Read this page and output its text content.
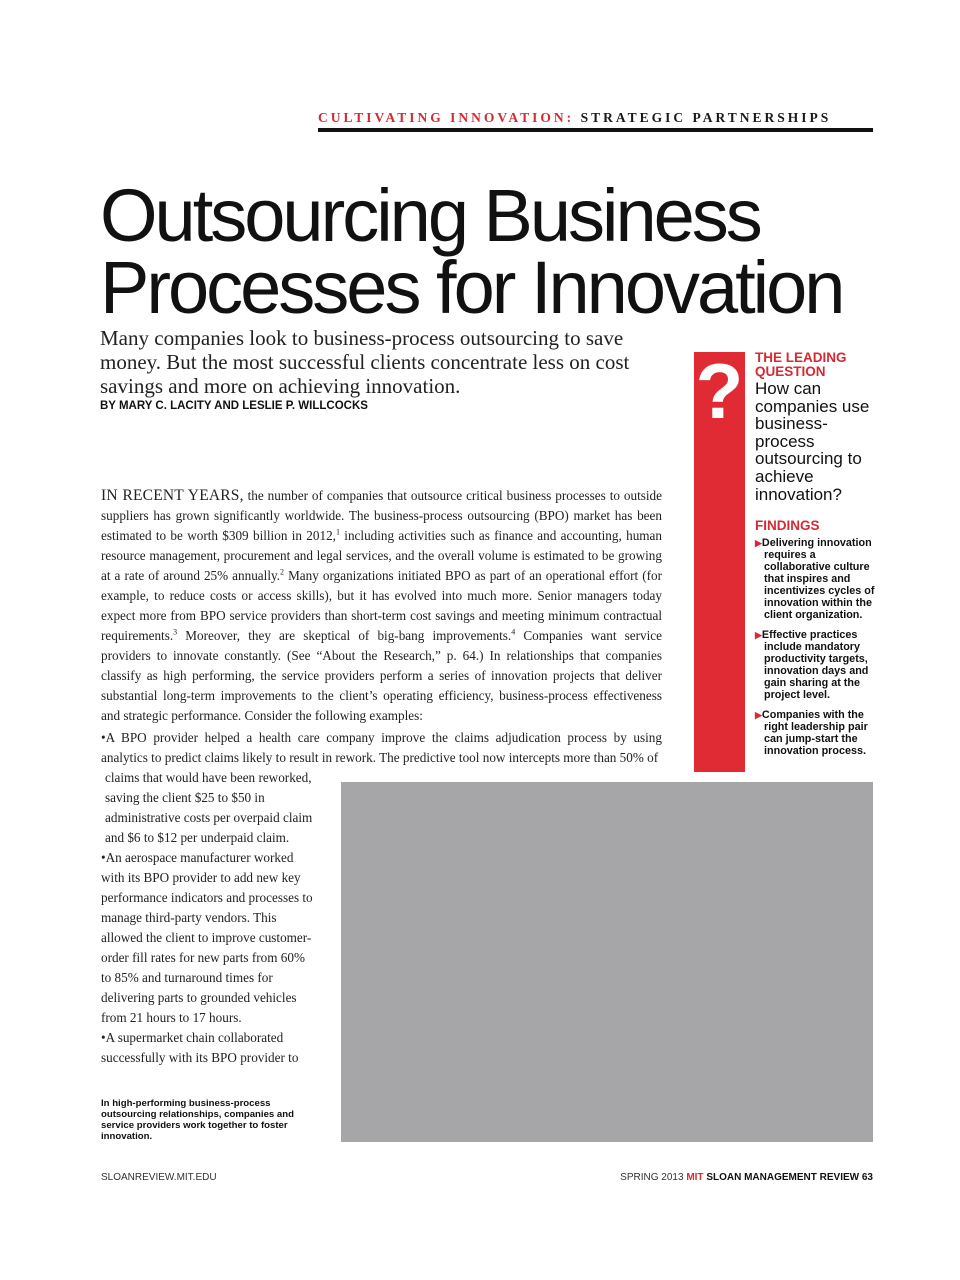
CULTIVATING INNOVATION: STRATEGIC PARTNERSHIPS
Outsourcing Business
Processes for Innovation

Many companies look to business-process outsourcing to save money. But the most successful clients concentrate less on cost savings and more on achieving innovation.

BY MARY C. LACITY AND LESLIE P. WILLCOCKS	? THE LEADING QUESTION
How can companies use business-process outsourcing to achieve innovation?
FINDINGS
▶Delivering innovation requires a collaborative culture that inspires and incentivizes cycles of innovation within the client organization.
▶Effective practices include mandatory productivity targets, innovation days and gain sharing at the project level.
▶Companies with the right leadership pair can jump-start the innovation process.

IN RECENT YEARS, the number of companies that outsource critical business processes to outside suppliers has grown significantly worldwide. The business-process outsourcing (BPO) market has been estimated to be worth $309 billion in 2012,$^1$ including activities such as finance and accounting, human resource management, procurement and legal services, and the overall volume is estimated to be growing at a rate of around 25% annually.$^2$ Many organizations initiated BPO as part of an operational effort (for example, to reduce costs or access skills), but it has evolved into much more. Senior managers today expect more from BPO service providers than short-term cost savings and meeting minimum contractual requirements.$^3$ Moreover, they are skeptical of big-bang improvements.$^4$ Companies want service providers to innovate constantly. (See “About the Research,” p. 64.) In relationships that companies classify as high performing, the service providers perform a series of innovation projects that deliver substantial long-term improvements to the client’s operating efficiency, business-process effectiveness and strategic performance. Consider the following examples:

•A BPO provider helped a health care company improve the claims adjudication process by using analytics to predict claims likely to result in rework. The predictive tool now intercepts more than 50% of

claims that would have been reworked, saving the client $25 to $50 in administrative costs per overpaid claim and $6 to $12 per underpaid claim.

•An aerospace manufacturer worked with its BPO provider to add new key performance indicators and processes to manage third-party vendors. This allowed the client to improve customer-order fill rates for new parts from 60% to 85% and turnaround times for delivering parts to grounded vehicles from 21 hours to 17 hours.

•A supermarket chain collaborated successfully with its BPO provider to

In high-performing business-process outsourcing relationships, companies and service providers work together to foster innovation.

SLOANREVIEW.MIT.EDU	SPRING 2013 MIT SLOAN MANAGEMENT REVIEW 63
